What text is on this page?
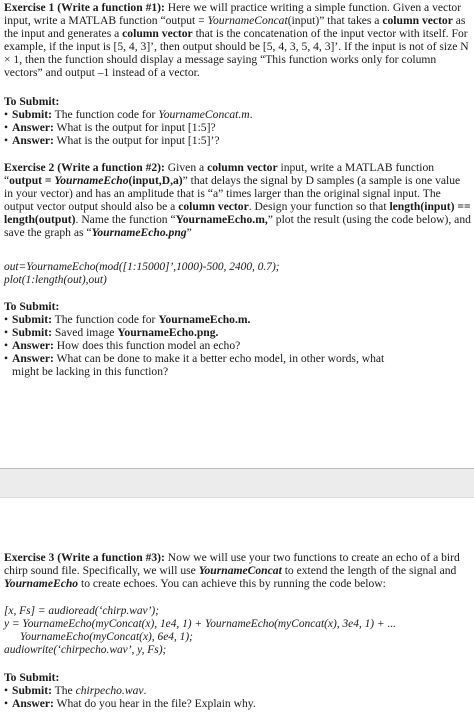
Exercise 1 (Write a function #1): Here we will practice writing a simple function. Given a vector input, write a MATLAB function “output = YournameConcat(input)” that takes a column vector as the input and generates a column vector that is the concatenation of the input vector with itself. For example, if the input is [5, 4, 3]’, then output should be [5, 4, 3, 5, 4, 3]’. If the input is not of size N × 1, then the function should display a message saying “This function works only for column vectors” and output –1 instead of a vector.

To Submit:
• Submit: The function code for YournameConcat.m.
• Answer: What is the output for input [1:5]?
• Answer: What is the output for input [1:5]’?

Exercise 2 (Write a function #2): Given a column vector input, write a MATLAB function “output = YournameEcho(input,D,a)” that delays the signal by D samples (a sample is one value in your vector) and has an amplitude that is “a” times larger than the original signal input. The output vector output should also be a column vector. Design your function so that length(input) == length(output). Name the function “YournameEcho.m,” plot the result (using the code below), and save the graph as “YournameEcho.png”

out=YournameEcho(mod([1:15000]’,1000)-500, 2400, 0.7);
plot(1:length(out),out)
To Submit:
• Submit: The function code for YournameEcho.m.
• Submit: Saved image YournameEcho.png.
• Answer: How does this function model an echo?
• Answer: What can be done to make it a better echo model, in other words, what might be lacking in this function?

Exercise 3 (Write a function #3): Now we will use your two functions to create an echo of a bird chirp sound file. Specifically, we will use YournameConcat to extend the length of the signal and YournameEcho to create echoes. You can achieve this by running the code below:

[x, Fs] = audioread(‘chirp.wav’);
y = YournameEcho(myConcat(x), 1e4, 1) + YournameEcho(myConcat(x), 3e4, 1) + ...
YournameEcho(myConcat(x), 6e4, 1);
audiowrite(‘chirpecho.wav’, y, Fs);
To Submit:
• Submit: The chirpecho.wav.
• Answer: What do you hear in the file? Explain why.
